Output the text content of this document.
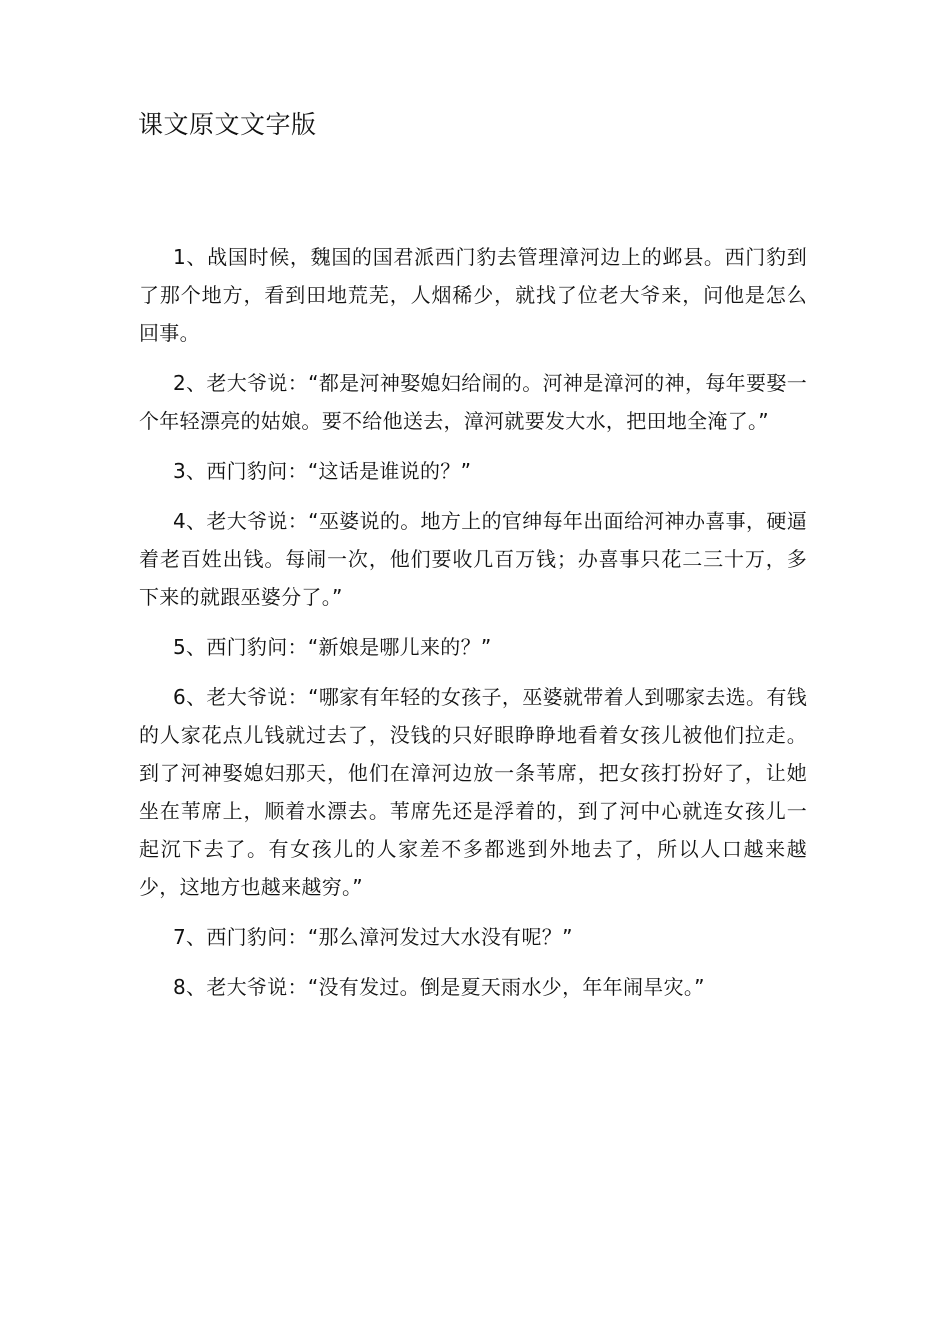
课文原文文字版

1、战国时候，魏国的国君派西门豹去管理漳河边上的邺县。西门豹到了那个地方，看到田地荒芜，人烟稀少，就找了位老大爷来，问他是怎么回事。

2、老大爷说：“都是河神娶媳妇给闹的。河神是漳河的神，每年要娶一个年轻漂亮的姑娘。要不给他送去，漳河就要发大水，把田地全淹了。”

3、西门豹问：“这话是谁说的？”

4、老大爷说：“巫婆说的。地方上的官绅每年出面给河神办喜事，硬逼着老百姓出钱。每闹一次，他们要收几百万钱；办喜事只花二三十万，多下来的就跟巫婆分了。”

5、西门豹问：“新娘是哪儿来的？”

6、老大爷说：“哪家有年轻的女孩子，巫婆就带着人到哪家去选。有钱的人家花点儿钱就过去了，没钱的只好眼睁睁地看着女孩儿被他们拉走。到了河神娶媳妇那天，他们在漳河边放一条苇席，把女孩打扮好了，让她坐在苇席上，顺着水漂去。苇席先还是浮着的，到了河中心就连女孩儿一起沉下去了。有女孩儿的人家差不多都逃到外地去了，所以人口越来越少，这地方也越来越穷。”

7、西门豹问：“那么漳河发过大水没有呢？”

8、老大爷说：“没有发过。倒是夏天雨水少，年年闹旱灾。”
